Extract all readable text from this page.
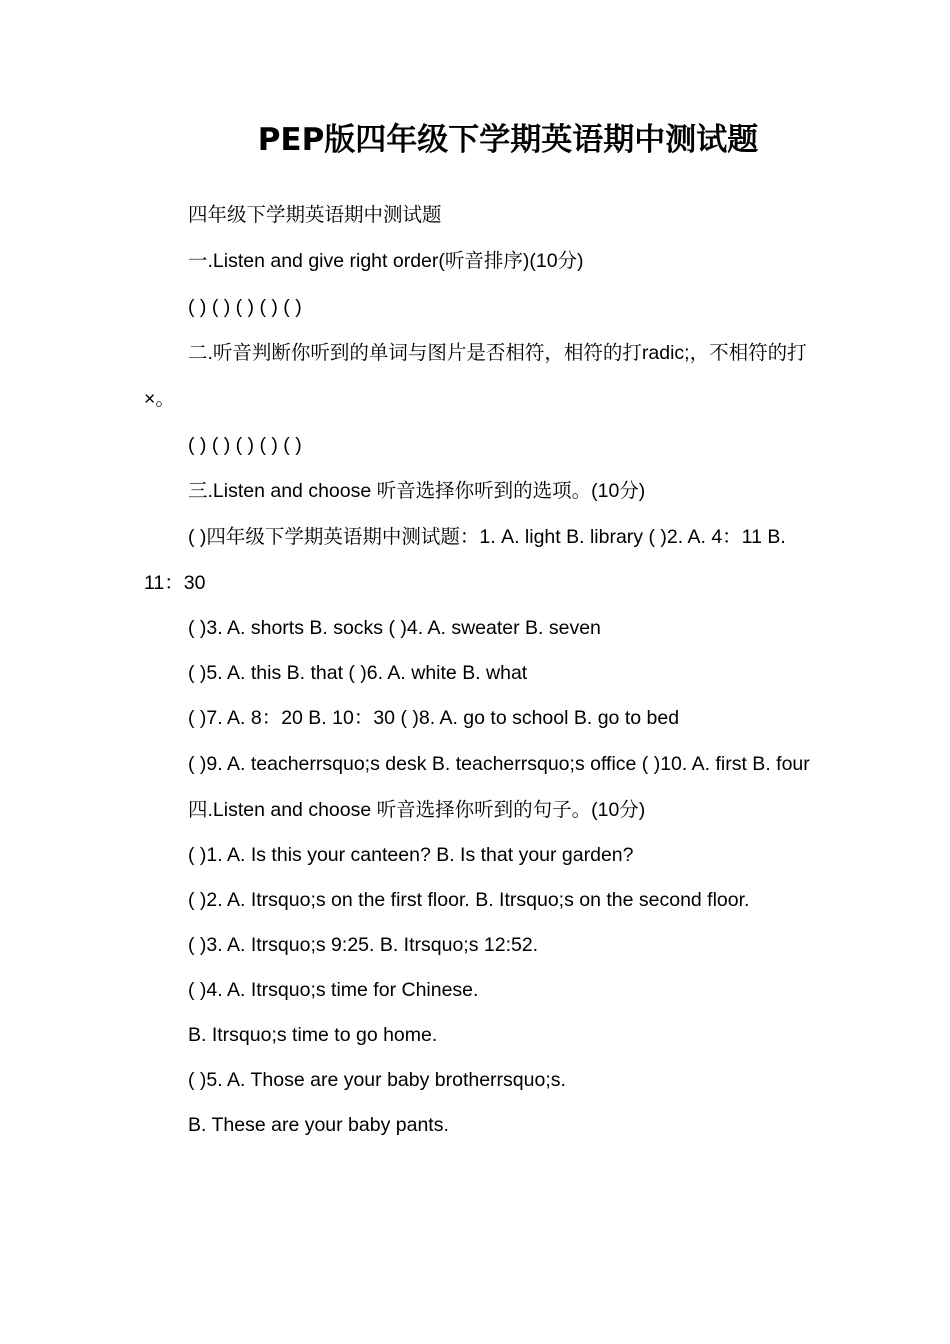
PEP版四年级下学期英语期中测试题

四年级下学期英语期中测试题

一.Listen and give right order(听音排序)(10分)

( ) ( ) ( ) ( ) ( )

二.听音判断你听到的单词与图片是否相符，相符的打radic;，不相符的打×。

( ) ( ) ( ) ( ) ( )

三.Listen and choose 听音选择你听到的选项。(10分)

( )四年级下学期英语期中测试题：1. A. light B. library ( )2. A. 4：11 B. 11：30

( )3. A. shorts B. socks ( )4. A. sweater B. seven

( )5. A. this B. that ( )6. A. white B. what

( )7. A. 8：20 B. 10：30 ( )8. A. go to school B. go to bed

( )9. A. teacherrsquo;s desk B. teacherrsquo;s office ( )10. A. first B. four

四.Listen and choose 听音选择你听到的句子。(10分)

( )1. A. Is this your canteen? B. Is that your garden?

( )2. A. Itrsquo;s on the first floor. B. Itrsquo;s on the second floor.

( )3. A. Itrsquo;s 9:25. B. Itrsquo;s 12:52.

( )4. A. Itrsquo;s time for Chinese.

B. Itrsquo;s time to go home.

( )5. A. Those are your baby brotherrsquo;s.

B. These are your baby pants.
